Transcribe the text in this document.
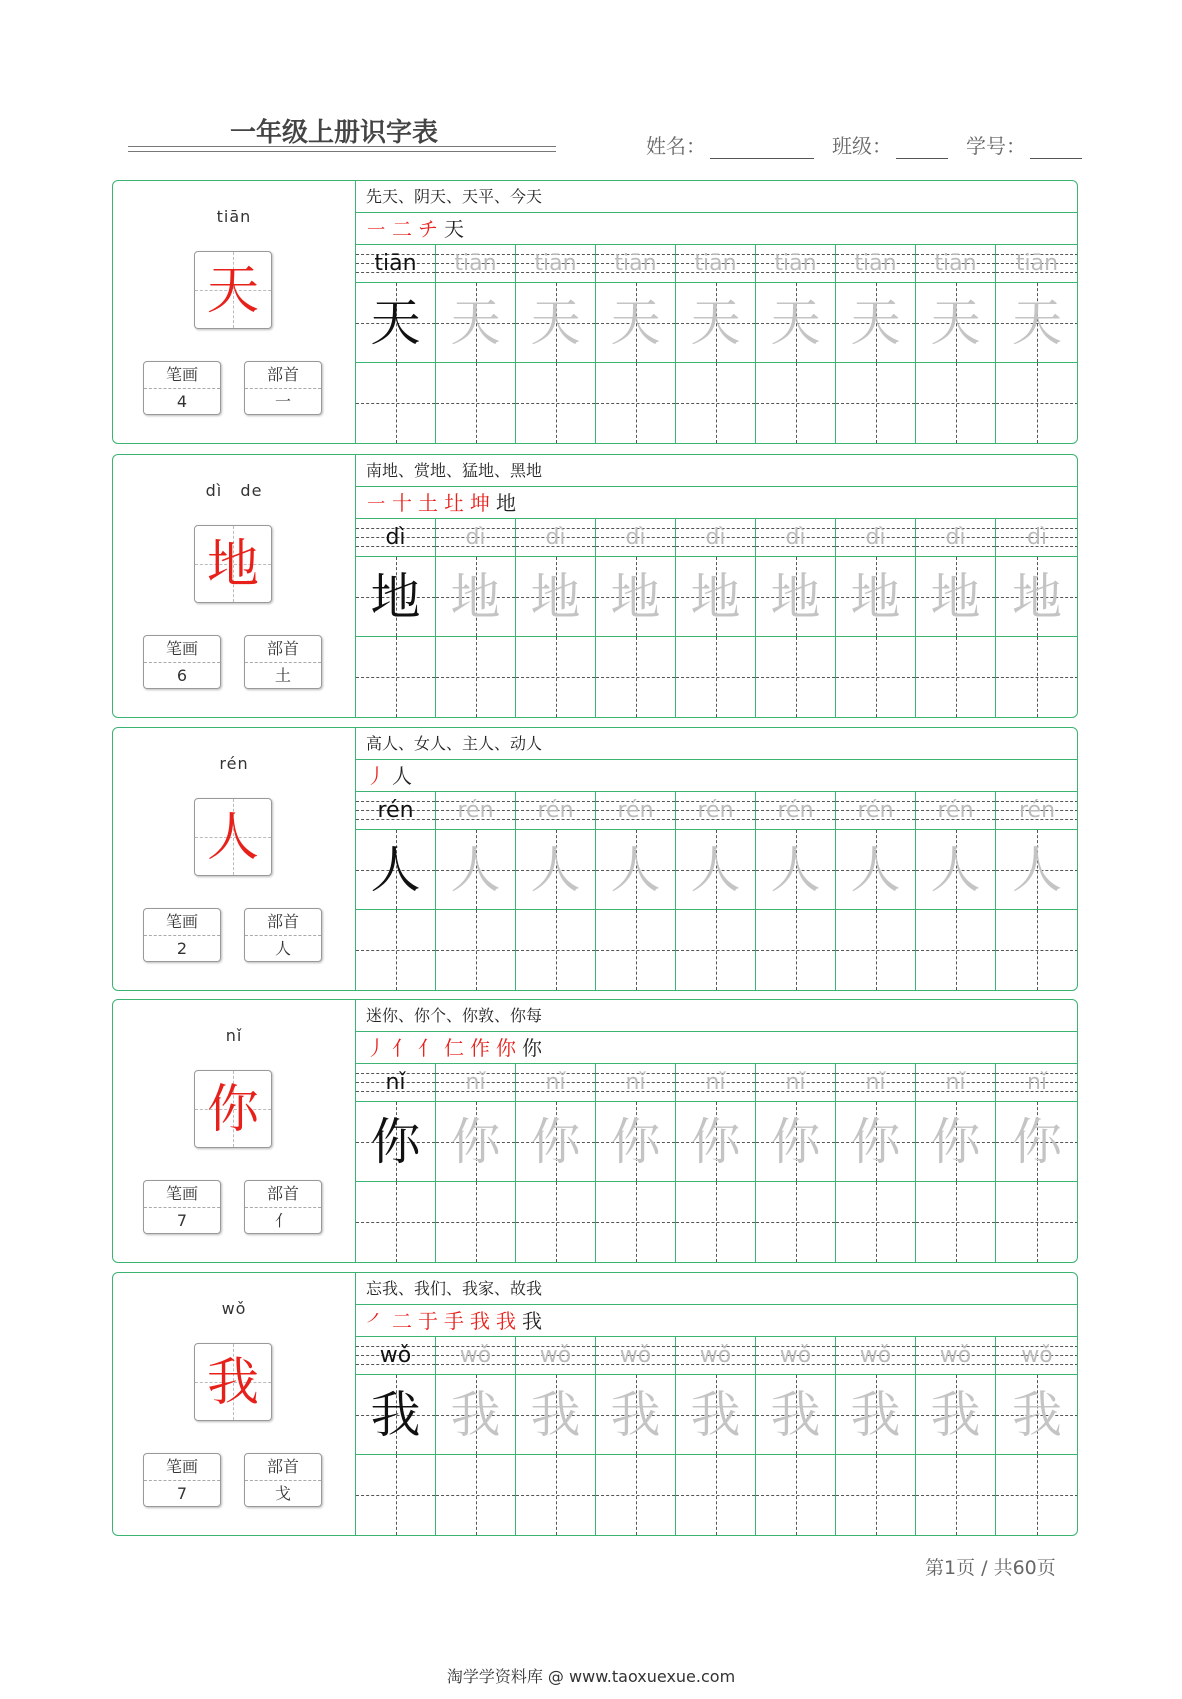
一年级上册识字表	姓名：	班级：	学号：
tiān
天
笔画
4
部首
一
先天、阴天、天平、今天
㇐ 二 チ 天
tiān
天
tiān
天
tiān
天
tiān
天
tiān
天
tiān
天
tiān
天
tiān
天
tiān
天
dì   de
地
笔画
6
部首
土
南地、赏地、猛地、黑地
㇐ 十 土 圵 坤 地
dì
地
dì
地
dì
地
dì
地
dì
地
dì
地
dì
地
dì
地
dì
地
rén
人
笔画
2
部首
人
高人、女人、主人、动人
丿 人
rén
人
rén
人
rén
人
rén
人
rén
人
rén
人
rén
人
rén
人
rén
人
nǐ
你
笔画
7
部首
亻
迷你、你个、你敦、你每
丿 亻 亻 仁 作 你 你
nǐ
你
nǐ
你
nǐ
你
nǐ
你
nǐ
你
nǐ
你
nǐ
你
nǐ
你
nǐ
你
wǒ
我
笔画
7
部首
戈
忘我、我们、我家、故我
㇒ 二 于 手 我 我 我
wǒ
我
wǒ
我
wǒ
我
wǒ
我
wǒ
我
wǒ
我
wǒ
我
wǒ
我
wǒ
我
第1页 / 共60页
淘学学资料库 @ www.taoxuexue.com
